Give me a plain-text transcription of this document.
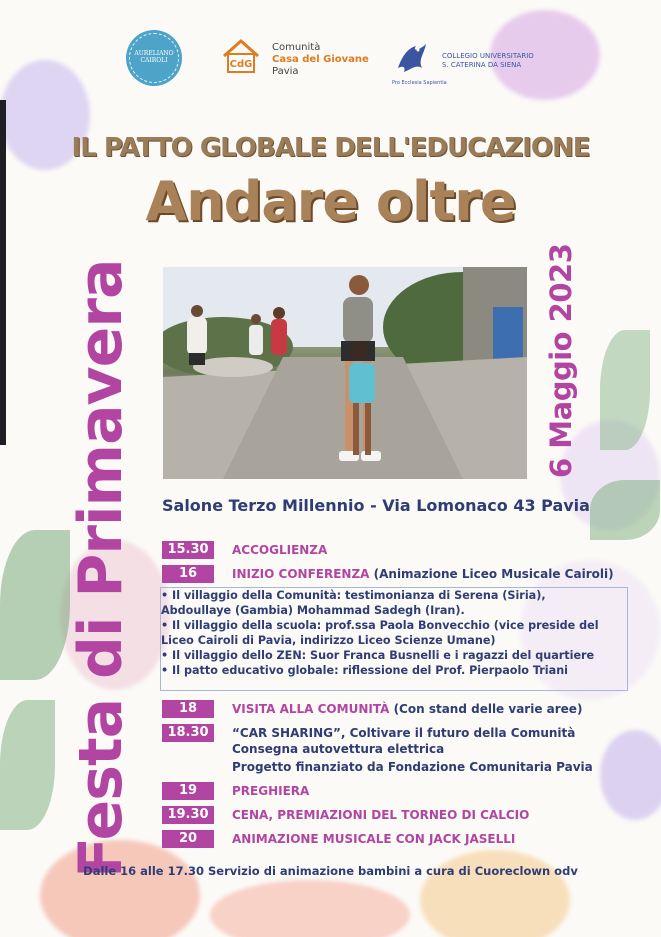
AURELIANO CAIROLI	CdG
Comunità
Casa del Giovane
Pavia
Pro Ecclesia Sapientia
COLLEGIO UNIVERSITARIO
S. CATERINA DA SIENA
IL PATTO GLOBALE DELL'EDUCAZIONE
Andare oltre
Festa di Primavera	6 Maggio 2023
Salone Terzo Millennio - Via Lomonaco 43 Pavia
15.30	ACCOGLIENZA
16	INIZIO CONFERENZA (Animazione Liceo Musicale Cairoli)

• Il villaggio della Comunità: testimonianza di Serena (Siria),

Abdoullaye (Gambia) Mohammad Sadegh (Iran).

• Il villaggio della scuola: prof.ssa Paola Bonvecchio (vice preside del

Liceo Cairoli di Pavia, indirizzo Liceo Scienze Umane)

• Il villaggio dello ZEN: Suor Franca Busnelli e i ragazzi del quartiere

• Il patto educativo globale: riflessione del Prof. Pierpaolo Triani

18	VISITA ALLA COMUNITÀ (Con stand delle varie aree)
18.30	“CAR SHARING”, Coltivare il futuro della Comunità
Consegna autovettura elettrica
Progetto finanziato da Fondazione Comunitaria Pavia
19	PREGHIERA
19.30	CENA, PREMIAZIONI DEL TORNEO DI CALCIO
20	ANIMAZIONE MUSICALE CON JACK JASELLI
Dalle 16 alle 17.30 Servizio di animazione bambini a cura di Cuoreclown odv
